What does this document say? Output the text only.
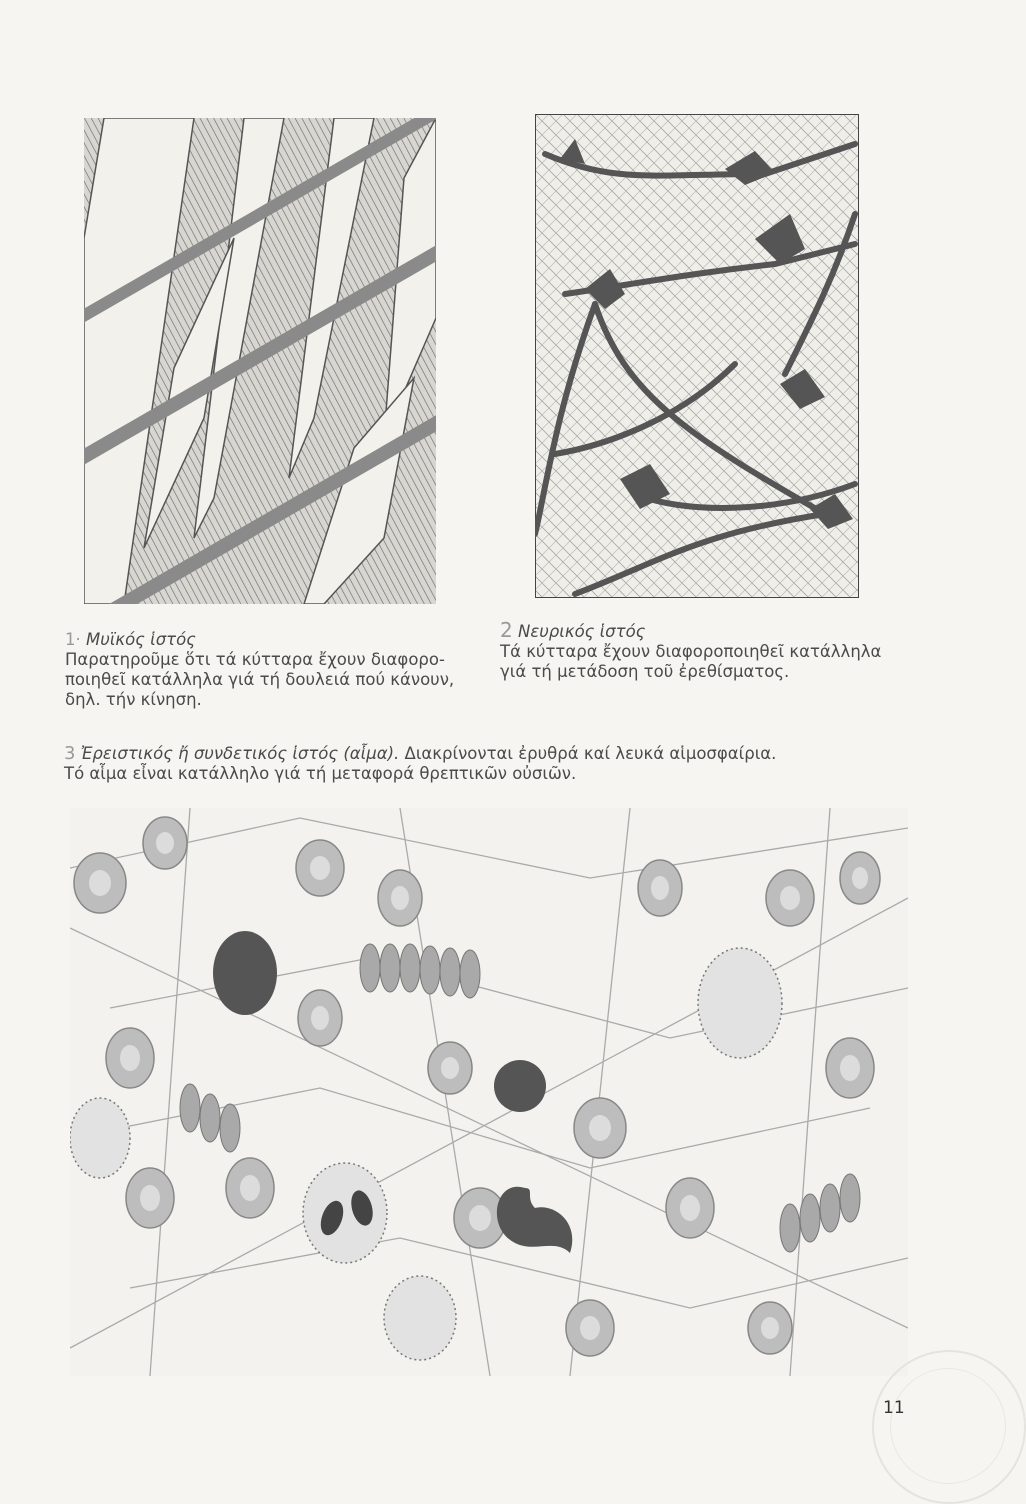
1· Μυϊκός ἱστός

Παρατηροῦμε ὅτι τά κύτταρα ἔχουν διαφορο-

ποιηθεῖ κατάλληλα γιά τή δουλειά πού κάνουν,

δηλ. τήν κίνηση.

2 Νευρικός ἱστός

Τά κύτταρα ἔχουν διαφοροποιηθεῖ κατάλληλα

γιά τή μετάδοση τοῦ ἐρεθίσματος.

3 Ἐρειστικός ἤ συνδετικός ἱστός (αἷμα). Διακρίνονται ἐρυθρά καί λευκά αἱμοσφαίρια.

Τό αἷμα εἶναι κατάλληλο γιά τή μεταφορά θρεπτικῶν οὐσιῶν.

11
